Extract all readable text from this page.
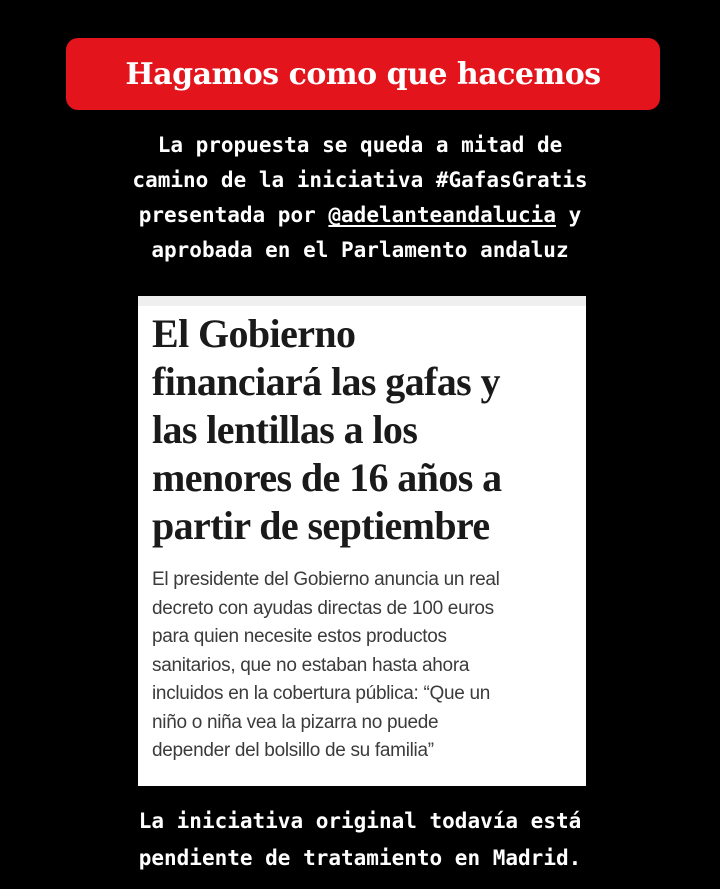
Hagamos como que hacemos
La propuesta se queda a mitad de
camino de la iniciativa #GafasGratis
presentada por @adelanteandalucia y
aprobada en el Parlamento andaluz
El Gobierno
financiará las gafas y
las lentillas a los
menores de 16 años a
partir de septiembre
El presidente del Gobierno anuncia un real
decreto con ayudas directas de 100 euros
para quien necesite estos productos
sanitarios, que no estaban hasta ahora
incluidos en la cobertura pública: “Que un
niño o niña vea la pizarra no puede
depender del bolsillo de su familia”
La iniciativa original todavía está
pendiente de tratamiento en Madrid.
